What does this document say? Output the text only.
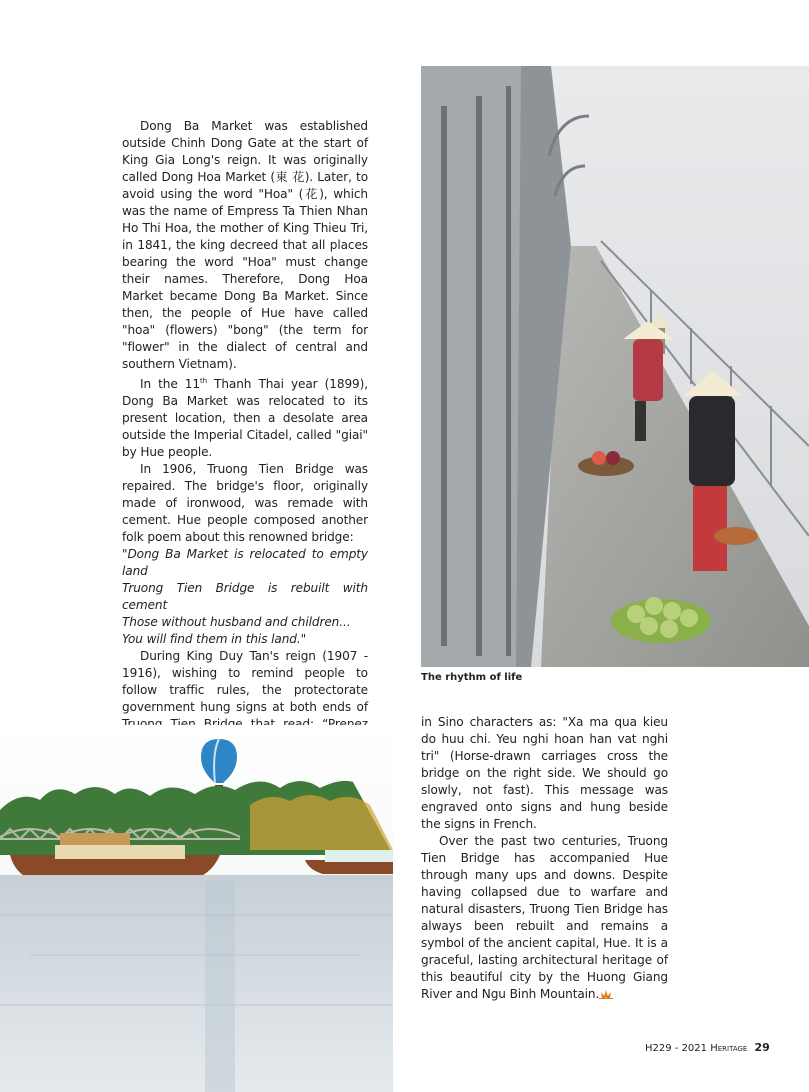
Dong Ba Market was established outside Chinh Dong Gate at the start of King Gia Long's reign. It was originally called Dong Hoa Market (東 花). Later, to avoid using the word "Hoa" (花), which was the name of Empress Ta Thien Nhan Ho Thi Hoa, the mother of King Thieu Tri, in 1841, the king decreed that all places bearing the word "Hoa" must change their names. Therefore, Dong Hoa Market became Dong Ba Market. Since then, the people of Hue have called "hoa" (flowers) "bong" (the term for "flower" in the dialect of central and southern Vietnam).

In the 11th Thanh Thai year (1899), Dong Ba Market was relocated to its present location, then a desolate area outside the Imperial Citadel, called "giai" by Hue people.

In 1906, Truong Tien Bridge was repaired. The bridge's floor, originally made of ironwood, was remade with cement. Hue people composed another folk poem about this renowned bridge:

"Dong Ba Market is relocated to empty land
Truong Tien Bridge is rebuilt with cement
Those without husband and children...
You will find them in this land."

During King Duy Tan's reign (1907 - 1916), wishing to remind people to follow traffic rules, the protectorate government hung signs at both ends of

The rhythm of life

in Sino characters as: "Xa ma qua kieu do huu chi. Yeu nghi hoan han vat nghi tri" (Horse-drawn carriages cross the bridge on the right side. We should go slowly, not fast). This message was engraved onto signs and hung beside the signs in French.

Over the past two centuries, Truong Tien Bridge has accompanied Hue through many ups and downs. Despite having collapsed due to warfare and natural disasters, Truong Tien Bridge has always been rebuilt and remains a symbol of the ancient capital, Hue. It is a graceful, lasting architectural heritage of this beautiful city by the Huong Giang River and Ngu Binh Mountain.

H229 - 2021 Heritage 29
